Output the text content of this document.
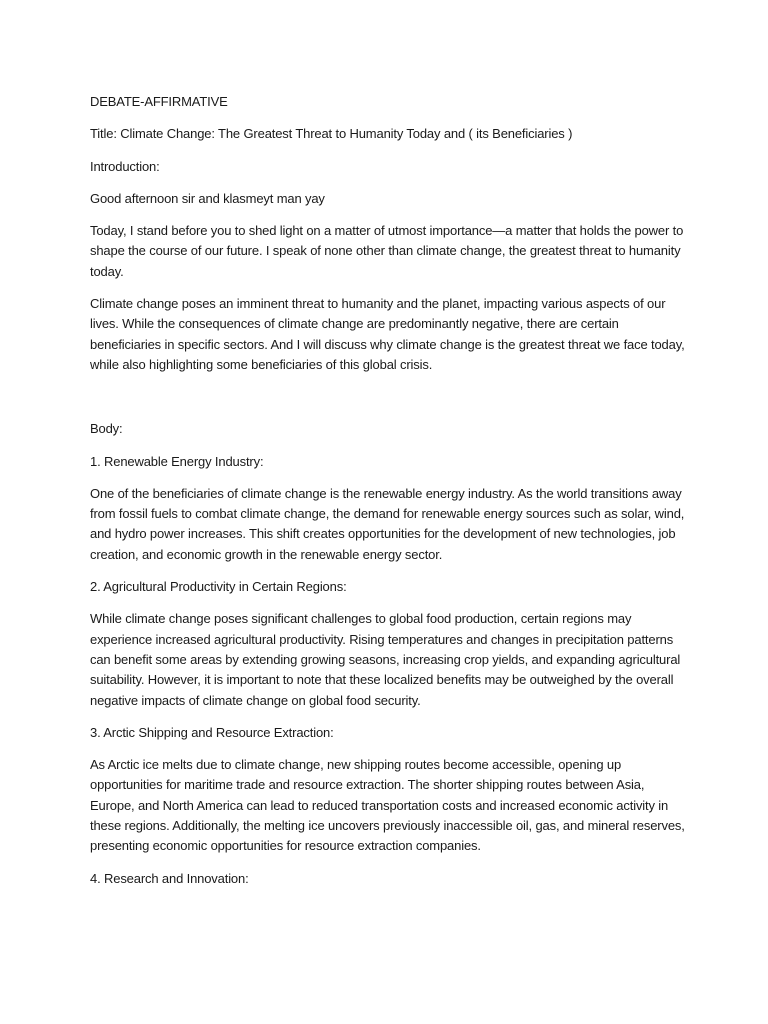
DEBATE-AFFIRMATIVE

Title: Climate Change: The Greatest Threat to Humanity Today and ( its Beneficiaries )

Introduction:

Good afternoon sir and klasmeyt man yay

Today, I stand before you to shed light on a matter of utmost importance—a matter that holds the power to shape the course of our future. I speak of none other than climate change, the greatest threat to humanity today.

Climate change poses an imminent threat to humanity and the planet, impacting various aspects of our lives. While the consequences of climate change are predominantly negative, there are certain beneficiaries in specific sectors. And I will discuss why climate change is the greatest threat we face today, while also highlighting some beneficiaries of this global crisis.

Body:

1. Renewable Energy Industry:

One of the beneficiaries of climate change is the renewable energy industry. As the world transitions away from fossil fuels to combat climate change, the demand for renewable energy sources such as solar, wind, and hydro power increases. This shift creates opportunities for the development of new technologies, job creation, and economic growth in the renewable energy sector.

2. Agricultural Productivity in Certain Regions:

While climate change poses significant challenges to global food production, certain regions may experience increased agricultural productivity. Rising temperatures and changes in precipitation patterns can benefit some areas by extending growing seasons, increasing crop yields, and expanding agricultural suitability. However, it is important to note that these localized benefits may be outweighed by the overall negative impacts of climate change on global food security.

3. Arctic Shipping and Resource Extraction:

As Arctic ice melts due to climate change, new shipping routes become accessible, opening up opportunities for maritime trade and resource extraction. The shorter shipping routes between Asia, Europe, and North America can lead to reduced transportation costs and increased economic activity in these regions. Additionally, the melting ice uncovers previously inaccessible oil, gas, and mineral reserves, presenting economic opportunities for resource extraction companies.

4. Research and Innovation:
